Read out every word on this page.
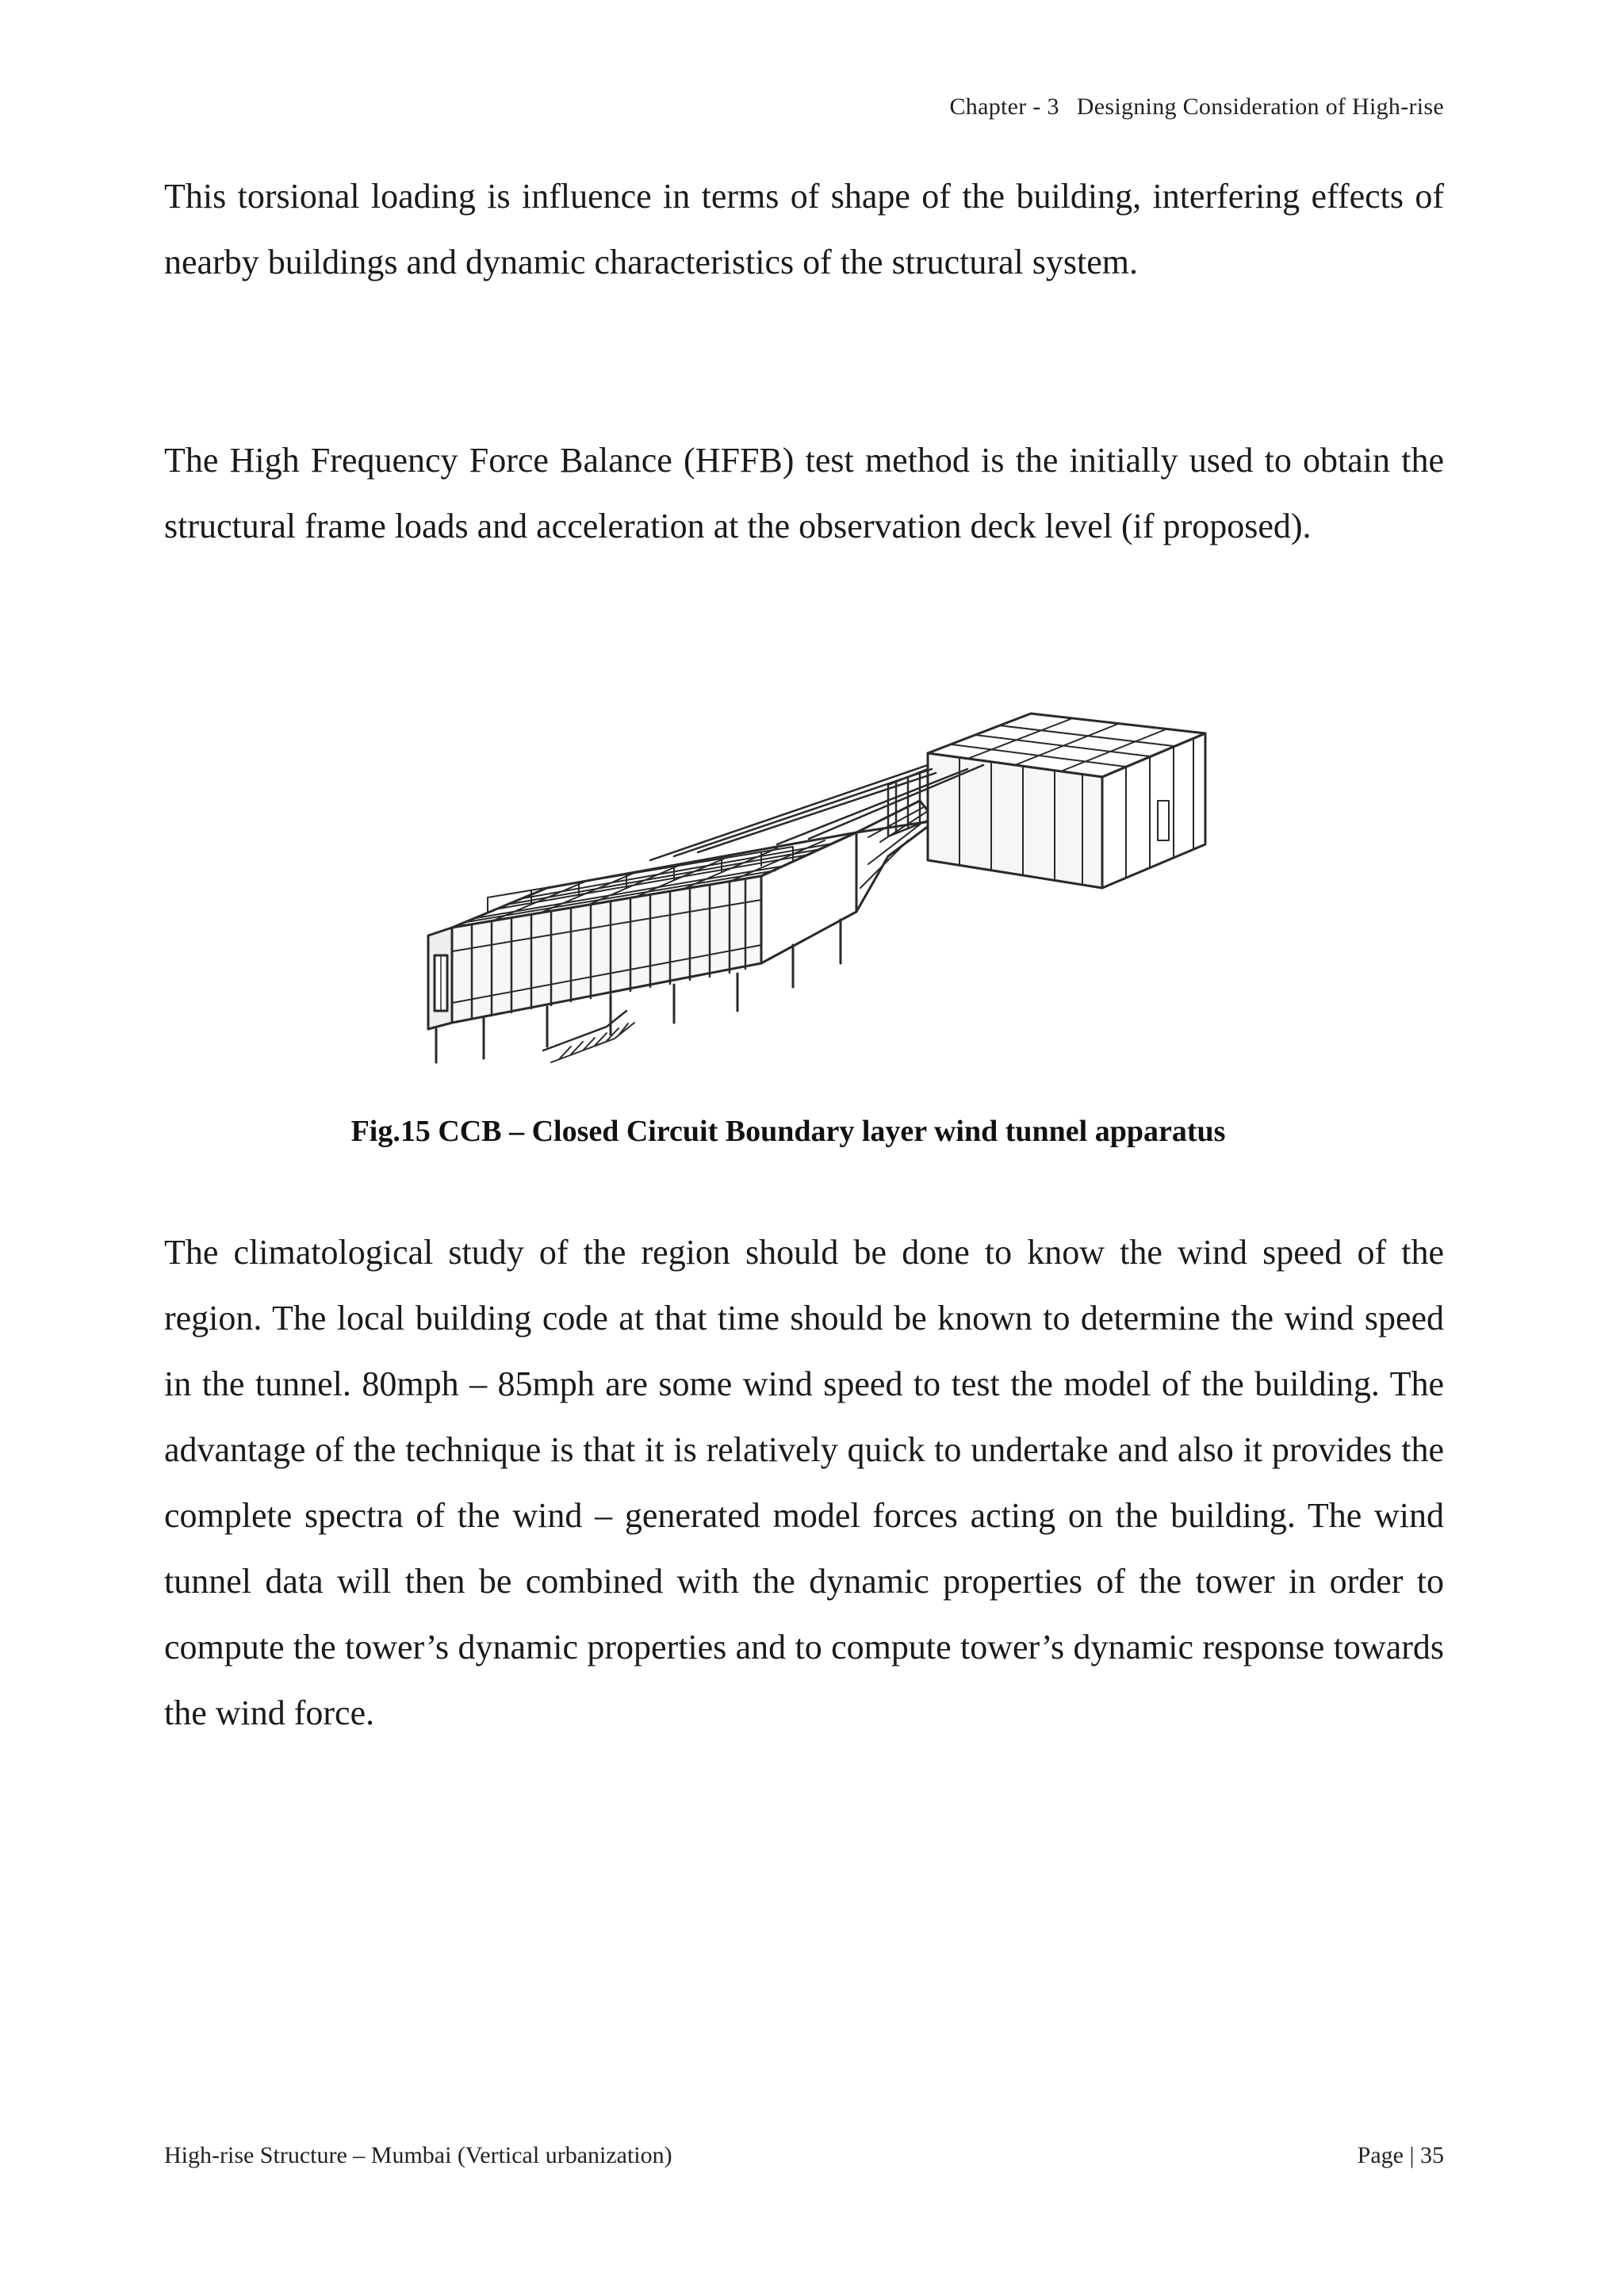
Chapter - 3 Designing Consideration of High-rise

This torsional loading is influence in terms of shape of the building, interfering effects of nearby buildings and dynamic characteristics of the structural system.

The High Frequency Force Balance (HFFB) test method is the initially used to obtain the structural frame loads and acceleration at the observation deck level (if proposed).

Fig.15 CCB – Closed Circuit Boundary layer wind tunnel apparatus

The climatological study of the region should be done to know the wind speed of the region. The local building code at that time should be known to determine the wind speed in the tunnel. 80mph – 85mph are some wind speed to test the model of the building. The advantage of the technique is that it is relatively quick to undertake and also it provides the complete spectra of the wind – generated model forces acting on the building. The wind tunnel data will then be combined with the dynamic properties of the tower in order to compute the tower’s dynamic properties and to compute tower’s dynamic response towards the wind force.

High-rise Structure – Mumbai (Vertical urbanization)	Page | 35
